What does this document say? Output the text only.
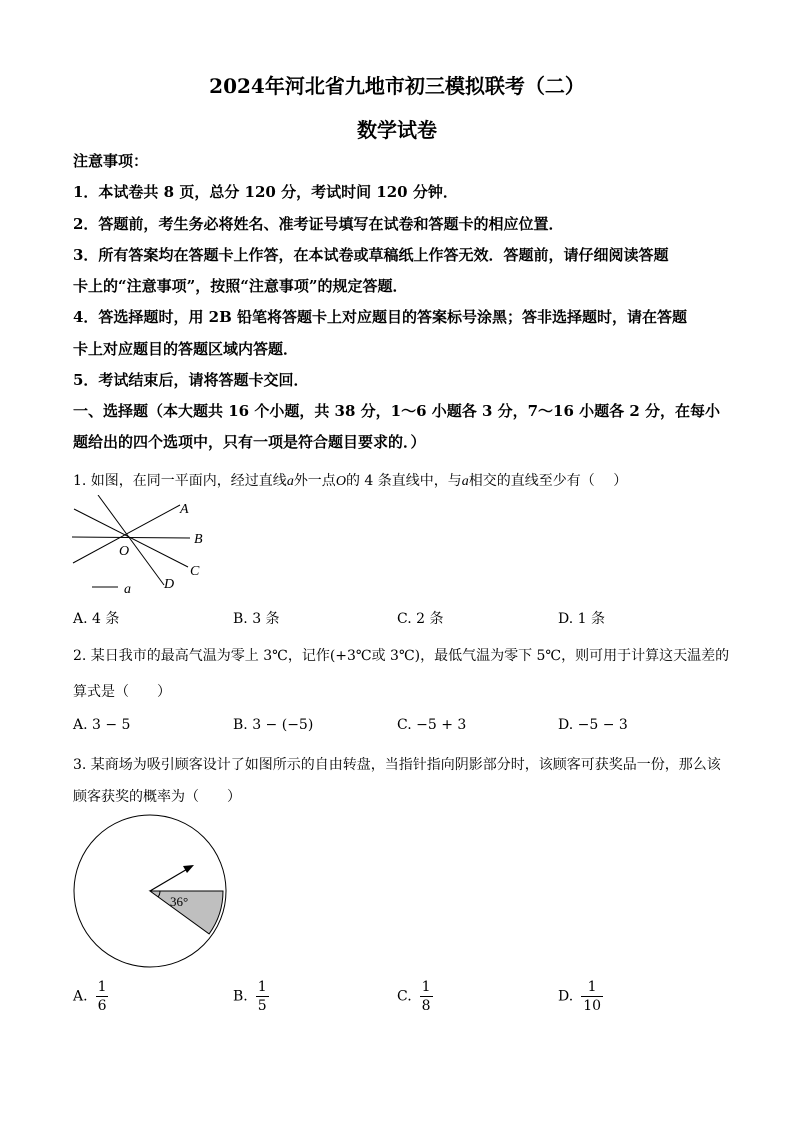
2024年河北省九地市初三模拟联考（二）
数学试卷
注意事项：
1．本试卷共 8 页，总分 120 分，考试时间 120 分钟．
2．答题前，考生务必将姓名、准考证号填写在试卷和答题卡的相应位置．
3．所有答案均在答题卡上作答，在本试卷或草稿纸上作答无效．答题前，请仔细阅读答题
卡上的“注意事项”，按照“注意事项”的规定答题．
4．答选择题时，用 2B 铅笔将答题卡上对应题目的答案标号涂黑；答非选择题时，请在答题
卡上对应题目的答题区域内答题．
5．考试结束后，请将答题卡交回．
一、选择题（本大题共 16 个小题，共 38 分，1～6 小题各 3 分，7～16 小题各 2 分，在每小
题给出的四个选项中，只有一项是符合题目要求的．）
1. 如图，在同一平面内，经过直线a外一点O的 4 条直线中，与a相交的直线至少有（　 ）
A
B
C
D
O
a
A. 4 条	B. 3 条	C. 2 条	D. 1 条
2. 某日我市的最高气温为零上 3℃，记作(+3℃或 3℃)，最低气温为零下 5℃，则可用于计算这天温差的
算式是（　　）
A. 3 − 5	B. 3 − (−5)	C. −5 + 3	D. −5 − 3
3. 某商场为吸引顾客设计了如图所示的自由转盘，当指针指向阴影部分时，该顾客可获奖品一份，那么该
顾客获奖的概率为（　　）
36°
A. $\frac{1}{6}$	B. $\frac{1}{5}$	C. $\frac{1}{8}$	D. $\frac{1}{10}$
